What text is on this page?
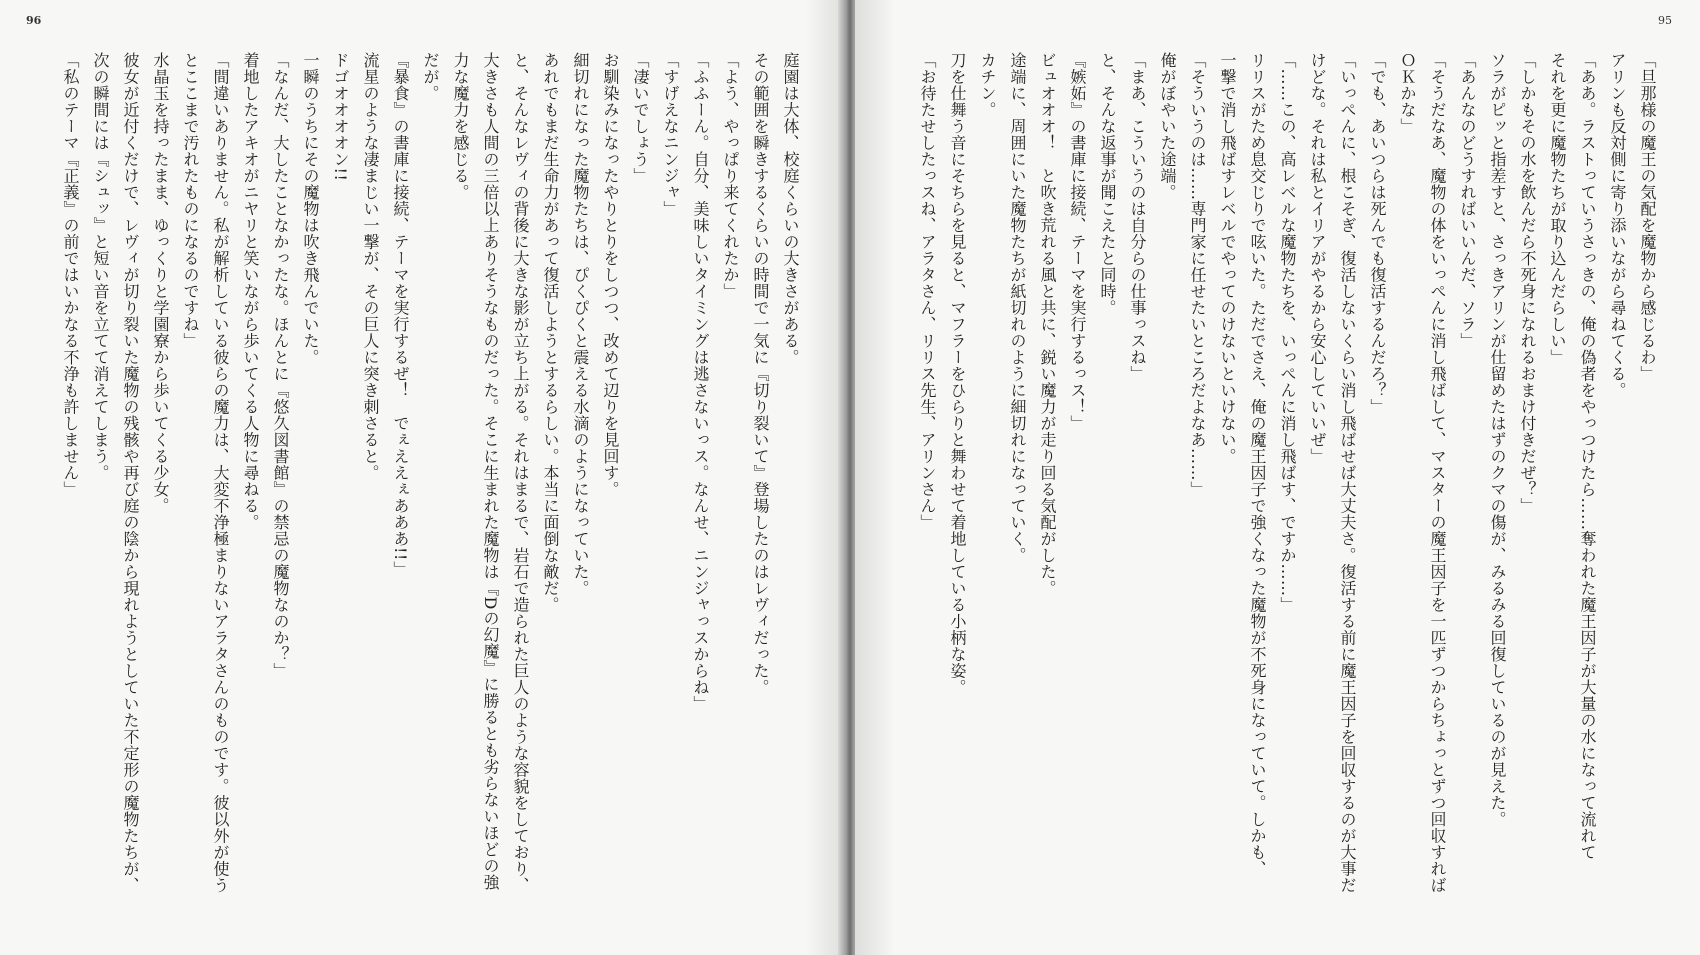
96
庭園は大体、校庭くらいの大きさがある。
その範囲を瞬きするくらいの時間で一気に『切り裂いて』登場したのはレヴィだった。
「よう、やっぱり来てくれたか」
「ふふーん。自分、美味しいタイミングは逃さないっス。なんせ、ニンジャっスからね」
「すげえなニンジャ」
「凄いでしょう」
お馴染みになったやりとりをしつつ、改めて辺りを見回す。
細切れになった魔物たちは、ぴくぴくと震える水滴のようになっていた。
あれでもまだ生命力があって復活しようとするらしい。本当に面倒な敵だ。
と、そんなレヴィの背後に大きな影が立ち上がる。それはまるで、岩石で造られた巨人のような容貌をしており、
大きさも人間の三倍以上ありそうなものだった。そこに生まれた魔物は『Dの幻魔』に勝るとも劣らないほどの強
力な魔力を感じる。
だが。
『暴食』の書庫に接続、テーマを実行するぜ！　でぇええぇあああ!!」
流星のような凄まじい一撃が、その巨人に突き刺さると。
ドゴオオオオン!!
一瞬のうちにその魔物は吹き飛んでいた。
「なんだ、大したことなかったな。ほんとに『悠久図書館』の禁忌の魔物なのか？」
着地したアキオがニヤリと笑いながら歩いてくる人物に尋ねる。
「間違いありません。私が解析している彼らの魔力は、大変不浄極まりないアラタさんのものです。彼以外が使う
とここまで汚れたものになるのですね」
水晶玉を持ったまま、ゆっくりと学園寮から歩いてくる少女。
彼女が近付くだけで、レヴィが切り裂いた魔物の残骸や再び庭の陰から現れようとしていた不定形の魔物たちが、
次の瞬間には『シュッ』と短い音を立てて消えてしまう。
「私のテーマ『正義』の前ではいかなる不浄も許しません」
95
「旦那様の魔王の気配を魔物から感じるわ」
アリンも反対側に寄り添いながら尋ねてくる。
「ああ。ラストっていうさっきの、俺の偽者をやっつけたら……奪われた魔王因子が大量の水になって流れて
それを更に魔物たちが取り込んだらしい」
「しかもその水を飲んだら不死身になれるおまけ付きだぜ？」
ソラがピッと指差すと、さっきアリンが仕留めたはずのクマの傷が、みるみる回復しているのが見えた。
「あんなのどうすればいいんだ、ソラ」
「そうだなあ、魔物の体をいっぺんに消し飛ばして、マスターの魔王因子を一匹ずつからちょっとずつ回収すれば
ＯＫかな」
「でも、あいつらは死んでも復活するんだろ？」
「いっぺんに、根こそぎ、復活しないくらい消し飛ばせば大丈夫さ。復活する前に魔王因子を回収するのが大事だ
けどな。それは私とイリアがやるから安心していいぜ」
「……この、高レベルな魔物たちを、いっぺんに消し飛ばす、ですか……」
リリスがため息交じりで呟いた。ただでさえ、俺の魔王因子で強くなった魔物が不死身になっていて。しかも、
一撃で消し飛ばすレベルでやってのけないといけない。
「そういうのは……専門家に任せたいところだよなあ……」
俺がぼやいた途端。
「まあ、こういうのは自分らの仕事っスね」
と、そんな返事が聞こえたと同時。
『嫉妬』の書庫に接続、テーマを実行するっス！」
ビュオオオ！　と吹き荒れる風と共に、鋭い魔力が走り回る気配がした。
途端に、周囲にいた魔物たちが紙切れのように細切れになっていく。
カチン。
刀を仕舞う音にそちらを見ると、マフラーをひらりと舞わせて着地している小柄な姿。
「お待たせしたっスね、アラタさん、リリス先生、アリンさん」
